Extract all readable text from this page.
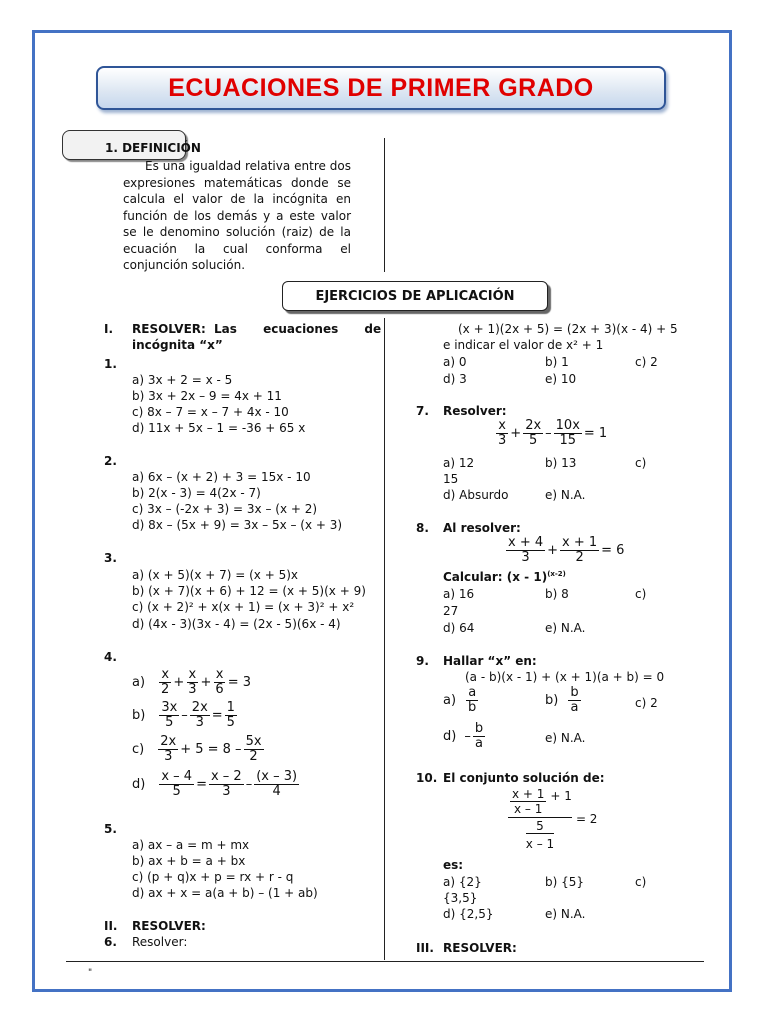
ECUACIONES DE PRIMER GRADO
1. DEFINICIÓN
Es una igualdad relativa entre dos expresiones matemáticas donde se calcula el valor de la incógnita en función de los demás y a este valor se le denomino solución (raiz) de la ecuación la cual conforma el conjunción solución.
EJERCICIOS DE APLICACIÓN
I. RESOLVER: Las ecuaciones de
incógnita “x”
1.
a) 3x + 2 = x - 5
b) 3x + 2x – 9 = 4x + 11
c) 8x – 7 = x – 7 + 4x - 10
d) 11x + 5x – 1 = -36 + 65 x
2.
a) 6x – (x + 2) + 3 = 15x - 10
b) 2(x - 3) = 4(2x - 7)
c) 3x – (-2x + 3) = 3x – (x + 2)
d) 8x – (5x + 9) = 3x – 5x – (x + 3)
3.
a) (x + 5)(x + 7) = (x + 5)x
b) (x + 7)(x + 6) + 12 = (x + 5)(x + 9)
c) (x + 2)² + x(x + 1) = (x + 3)² + x²
d) (4x - 3)(3x - 4) = (2x - 5)(6x - 4)
4.
$a) \frac{x}{2} + \frac{x}{3} + \frac{x}{6} = 3$
$b) \frac{3x}{5} - \frac{2x}{3} = \frac{1}{5}$
$c) \frac{2x}{3} + 5 = 8 - \frac{5x}{2}$
$d) \frac{x - 4}{5} = \frac{x - 2}{3} - \frac{(x - 3)}{4}$
5.
a) ax – a = m + mx
b) ax + b = a + bx
c) (p + q)x + p = rx + r - q
d) ax + x = a(a + b) – (1 + ab)
II. RESOLVER:
6. Resolver:
(x + 1)(2x + 5) = (2x + 3)(x - 4) + 5
e indicar el valor de x² + 1
a) 0	b) 1	c) 2
d) 3	e) 10
7. Resolver:
$\frac{x}{3} + \frac{2x}{5} - \frac{10x}{15} = 1$
a) 12	b) 13	c)
15
d) Absurdo	e) N.A.
8. Al resolver:
$\frac{x + 4}{3} + \frac{x + 1}{2} = 6$
Calcular: (x - 1)$^{(x-2)}$
a) 16	b) 8	c)
27
d) 64	e) N.A.
9. Hallar “x” en:
(a - b)(x - 1) + (x + 1)(a + b) = 0
$a) \frac{a}{b}$	$b) \frac{b}{a}$	c) 2
$d) - \frac{b}{a}$	e) N.A.
10. El conjunto solución de:
$\frac{\frac{x + 1}{x - 1} + 1}{\frac{5}{x - 1}} = 2$
es:
a) {2}	b) {5}	c)
{3,5}
d) {2,5}	e) N.A.
III. RESOLVER:
"
